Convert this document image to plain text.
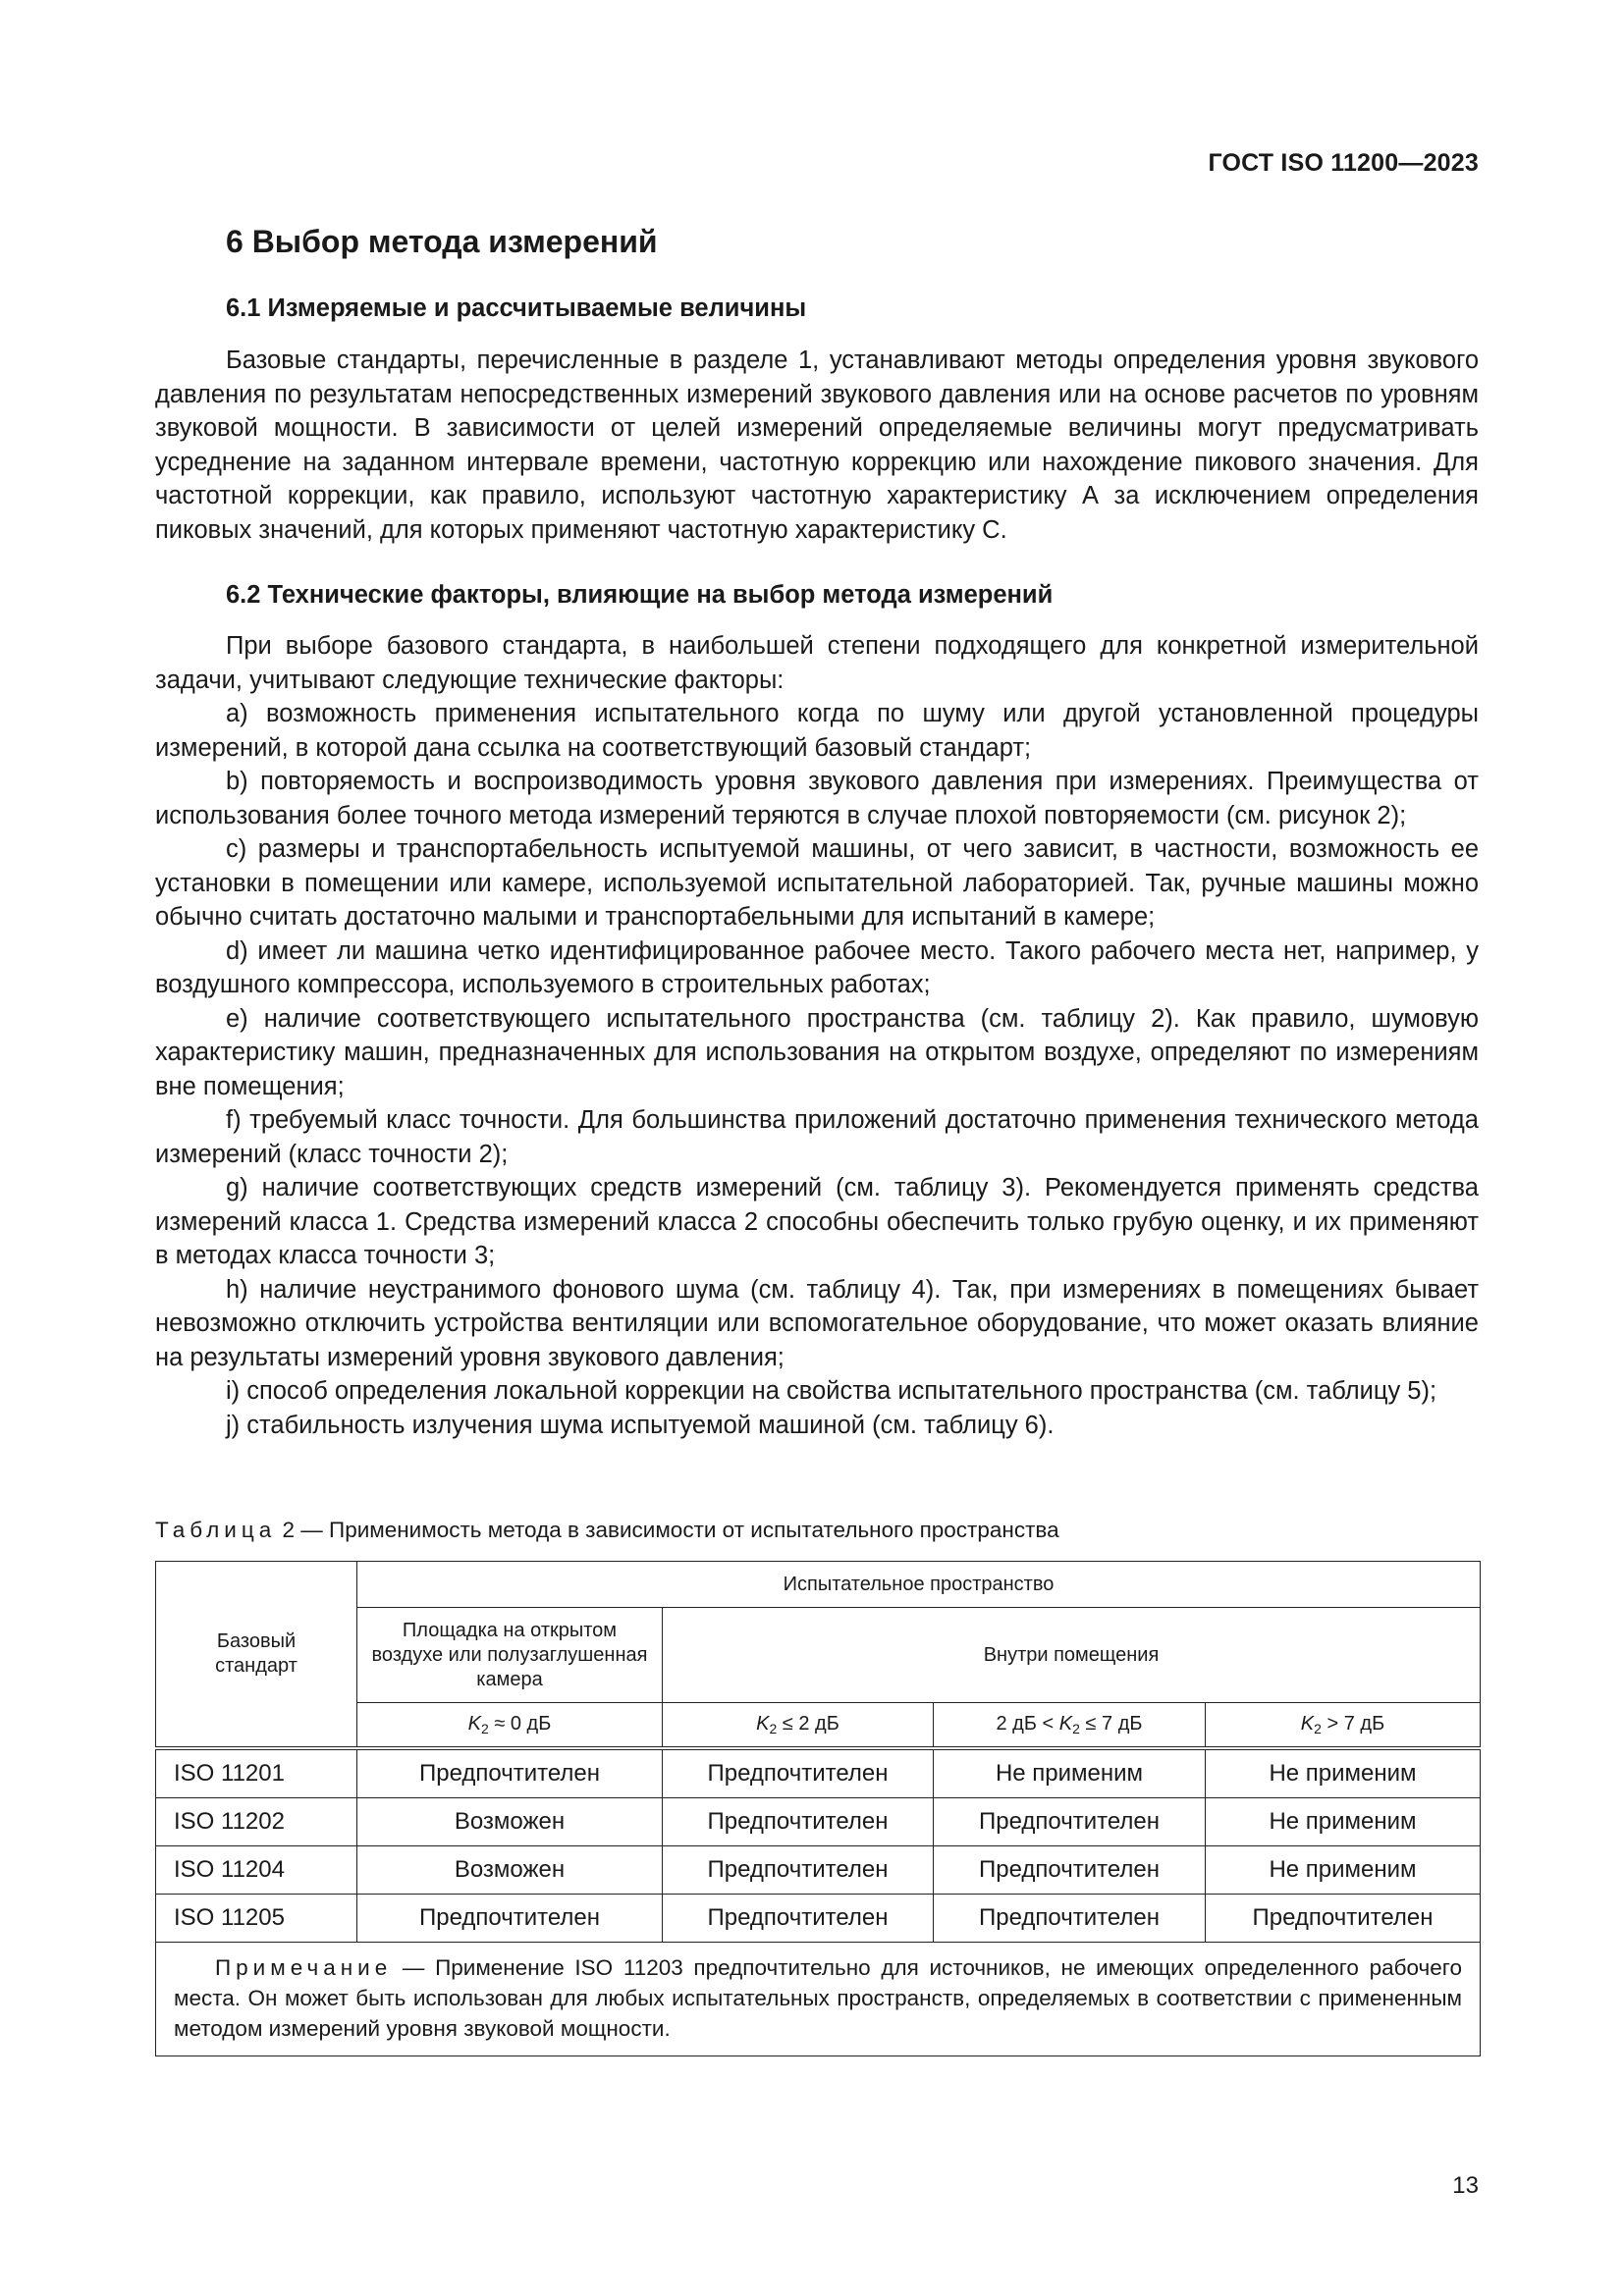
ГОСТ ISO 11200—2023
6 Выбор метода измерений
6.1 Измеряемые и рассчитываемые величины

Базовые стандарты, перечисленные в разделе 1, устанавливают методы определения уровня звукового давления по результатам непосредственных измерений звукового давления или на основе расчетов по уровням звуковой мощности. В зависимости от целей измерений определяемые величины могут предусматривать усреднение на заданном интервале времени, частотную коррекцию или нахождение пикового значения. Для частотной коррекции, как правило, используют частотную характеристику А за исключением определения пиковых значений, для которых применяют частотную характеристику С.

6.2 Технические факторы, влияющие на выбор метода измерений

При выборе базового стандарта, в наибольшей степени подходящего для конкретной измерительной задачи, учитывают следующие технические факторы:

a) возможность применения испытательного когда по шуму или другой установленной процедуры измерений, в которой дана ссылка на соответствующий базовый стандарт;

b) повторяемость и воспроизводимость уровня звукового давления при измерениях. Преимущества от использования более точного метода измерений теряются в случае плохой повторяемости (см. рисунок 2);

c) размеры и транспортабельность испытуемой машины, от чего зависит, в частности, возможность ее установки в помещении или камере, используемой испытательной лабораторией. Так, ручные машины можно обычно считать достаточно малыми и транспортабельными для испытаний в камере;

d) имеет ли машина четко идентифицированное рабочее место. Такого рабочего места нет, например, у воздушного компрессора, используемого в строительных работах;

e) наличие соответствующего испытательного пространства (см. таблицу 2). Как правило, шумовую характеристику машин, предназначенных для использования на открытом воздухе, определяют по измерениям вне помещения;

f) требуемый класс точности. Для большинства приложений достаточно применения технического метода измерений (класс точности 2);

g) наличие соответствующих средств измерений (см. таблицу 3). Рекомендуется применять средства измерений класса 1. Средства измерений класса 2 способны обеспечить только грубую оценку, и их применяют в методах класса точности 3;

h) наличие неустранимого фонового шума (см. таблицу 4). Так, при измерениях в помещениях бывает невозможно отключить устройства вентиляции или вспомогательное оборудование, что может оказать влияние на результаты измерений уровня звукового давления;

i) способ определения локальной коррекции на свойства испытательного пространства (см. таблицу 5);

j) стабильность излучения шума испытуемой машиной (см. таблицу 6).

Таблица 2 — Применимость метода в зависимости от испытательного пространства
Базовый стандарт	Испытательное пространство			

	Площадка на открытом воздухе или полузаглушенная камера	Внутри помещения		
	$K_2 \approx 0$ дБ	$K_2 \le 2$ дБ	2 дБ < $K_2 \le 7$ дБ	$K_2 > 7$ дБ
ISO 11201	Предпочтителен	Предпочтителен	Не применим	Не применим
ISO 11202	Возможен	Предпочтителен	Предпочтителен	Не применим
ISO 11204	Возможен	Предпочтителен	Предпочтителен	Не применим
ISO 11205	Предпочтителен	Предпочтителен	Предпочтителен	Предпочтителен

Примечание — Применение ISO 11203 предпочтительно для источников, не имеющих определенного рабочего места. Он может быть использован для любых испытательных пространств, определяемых в соответствии с примененным методом измерений уровня звуковой мощности.				

13
